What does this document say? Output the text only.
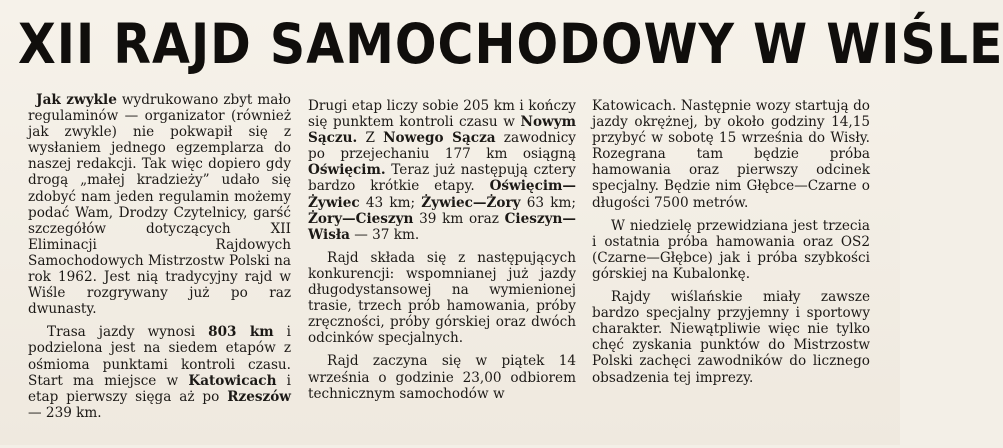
XII RAJD SAMOCHODOWY W WIŚLE

Jak zwykle wydrukowano zbyt mało regulaminów — organizator (również jak zwykle) nie pokwapił się z wysłaniem jednego egzemplarza do naszej redakcji. Tak więc dopiero gdy drogą „małej kradzieży” udało się zdobyć nam jeden regulamin możemy podać Wam, Drodzy Czytelnicy, garść szczegółów dotyczących XII Eliminacji Rajdowych Samochodowych Mistrzostw Polski na rok 1962. Jest nią tradycyjny rajd w Wiśle rozgrywany już po raz dwunasty.

Trasa jazdy wynosi 803 km i podzielona jest na siedem etapów z ośmioma punktami kontroli czasu. Start ma miejsce w Katowicach i etap pierwszy sięga aż po Rzeszów — 239 km.

Drugi etap liczy sobie 205 km i kończy się punktem kontroli czasu w Nowym Sączu. Z Nowego Sącza zawodnicy po przejechaniu 177 km osiągną Oświęcim. Teraz już następują cztery bardzo krótkie etapy. Oświęcim— Żywiec 43 km; Żywiec—Żory 63 km; Żory—Cieszyn 39 km oraz Cieszyn—Wisła — 37 km.

Rajd składa się z następujących konkurencji: wspomnianej już jazdy długodystansowej na wymienionej trasie, trzech prób hamowania, próby zręczności, próby górskiej oraz dwóch odcinków specjalnych.

Rajd zaczyna się w piątek 14 września o godzinie 23,00 odbiorem technicznym samochodów w

Katowicach. Następnie wozy startują do jazdy okrężnej, by około godziny 14,15 przybyć w sobotę 15 września do Wisły. Rozegrana tam będzie próba hamowania oraz pierwszy odcinek specjalny. Będzie nim Głębce—Czarne o długości 7500 metrów.

W niedzielę przewidziana jest trzecia i ostatnia próba hamowania oraz OS2 (Czarne—Głębce) jak i próba szybkości górskiej na Kubalonkę.

Rajdy wiślańskie miały zawsze bardzo specjalny przyjemny i sportowy charakter. Niewątpliwie więc nie tylko chęć zyskania punktów do Mistrzostw Polski zachęci zawodników do licznego obsadzenia tej imprezy.
